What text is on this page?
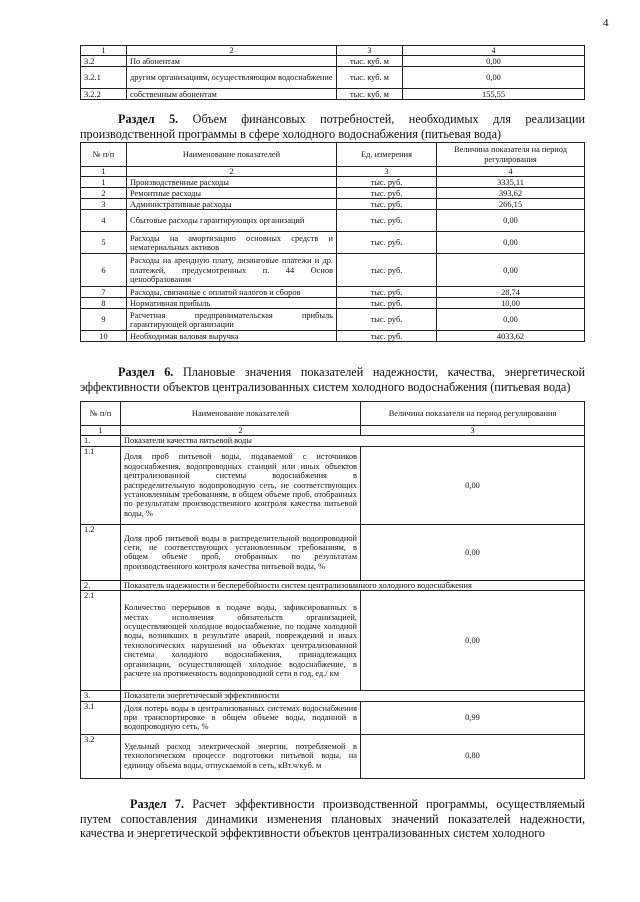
4
1	2	3	4
3.2	По абонентам	тыс. куб. м	0,00
3.2.1	другим организациям, осуществляющим водоснабжение	тыс. куб. м	0,00
3.2.2	собственным абонентам	тыс. куб. м	155,55
Раздел 5. Объем финансовых потребностей, необходимых для реализации производственной программы в сфере холодного водоснабжения (питьевая вода)
№ п/п	Наименование показателей	Ед. измерения	Величина показателя на период регулирования
1	2	3	4
1	Производственные расходы	тыс. руб.	3335,11
2	Ремонтные расходы	тыс. руб.	393,62
3	Административные расходы	тыс. руб.	266,15
4	Сбытовые расходы гарантирующих организаций	тыс. руб.	0,00
5	Расходы на амортизацию основных средств и нематериальных активов	тыс. руб.	0,00
6	Расходы на арендную плату, лизинговые платежи и др. платежей, предусмотренных п. 44 Основ ценообразования	тыс. руб.	0,00
7	Расходы, связанные с оплатой налогов и сборов	тыс. руб.	28,74
8	Нормативная прибыль	тыс. руб.	10,00
9	Расчетная предпринимательская прибыль гарантирующей организации	тыс. руб.	0,00
10	Необходимая валовая выручка	тыс. руб.	4033,62
Раздел 6. Плановые значения показателей надежности, качества, энергетической эффективности объектов централизованных систем холодного водоснабжения (питьевая вода)
№ п/п	Наименование показателей	Величина показателя на период регулирования
1	2	3
1.	Показатели качества питьевой воды	
1.1	Доля проб питьевой воды, подаваемой с источников водоснабжения, водопроводных станций или иных объектов централизованной системы водоснабжения в распределительную водопроводную сеть, не соответствующих установленным требованиям, в общем объеме проб, отобранных по результатам производственного контроля качества питьевой воды, %	0,00
1.2	Доля проб питьевой воды в распределительной водопроводной сети, не соответствующих установленным требованиям, в общем объеме проб, отобранных по результатам производственного контроля качества питьевой воды, %	0,00
2.	Показатель надежности и бесперебойности систем централизованного холодного водоснабжения	
2.1	Количество перерывов в подаче воды, зафиксированных в местах исполнения обязательств организацией, осуществляющей холодное водоснабжение, по подаче холодной воды, возникших в результате аварий, повреждений и иных технологических нарушений на объектах централизованной системы холодного водоснабжения, принадлежащих организации, осуществляющей холодное водоснабжение, в расчете на протяженность водопроводной сети в год, ед./ км	0,00
3.	Показатели энергетической эффективности	
3.1	Доля потерь воды в централизованных системах водоснабжения при транспортировке в общем объеме воды, поданной в водопроводную сеть, %	0,99
3.2	Удельный расход электрической энергии, потребляемой в технологическом процессе подготовки питьевой воды, на единицу объема воды, отпускаемой в сеть, кВт.ч/куб. м	0,80
Раздел 7. Расчет эффективности производственной программы, осуществляемый путем сопоставления динамики изменения плановых значений показателей надежности, качества и энергетической эффективности объектов централизованных систем холодного
